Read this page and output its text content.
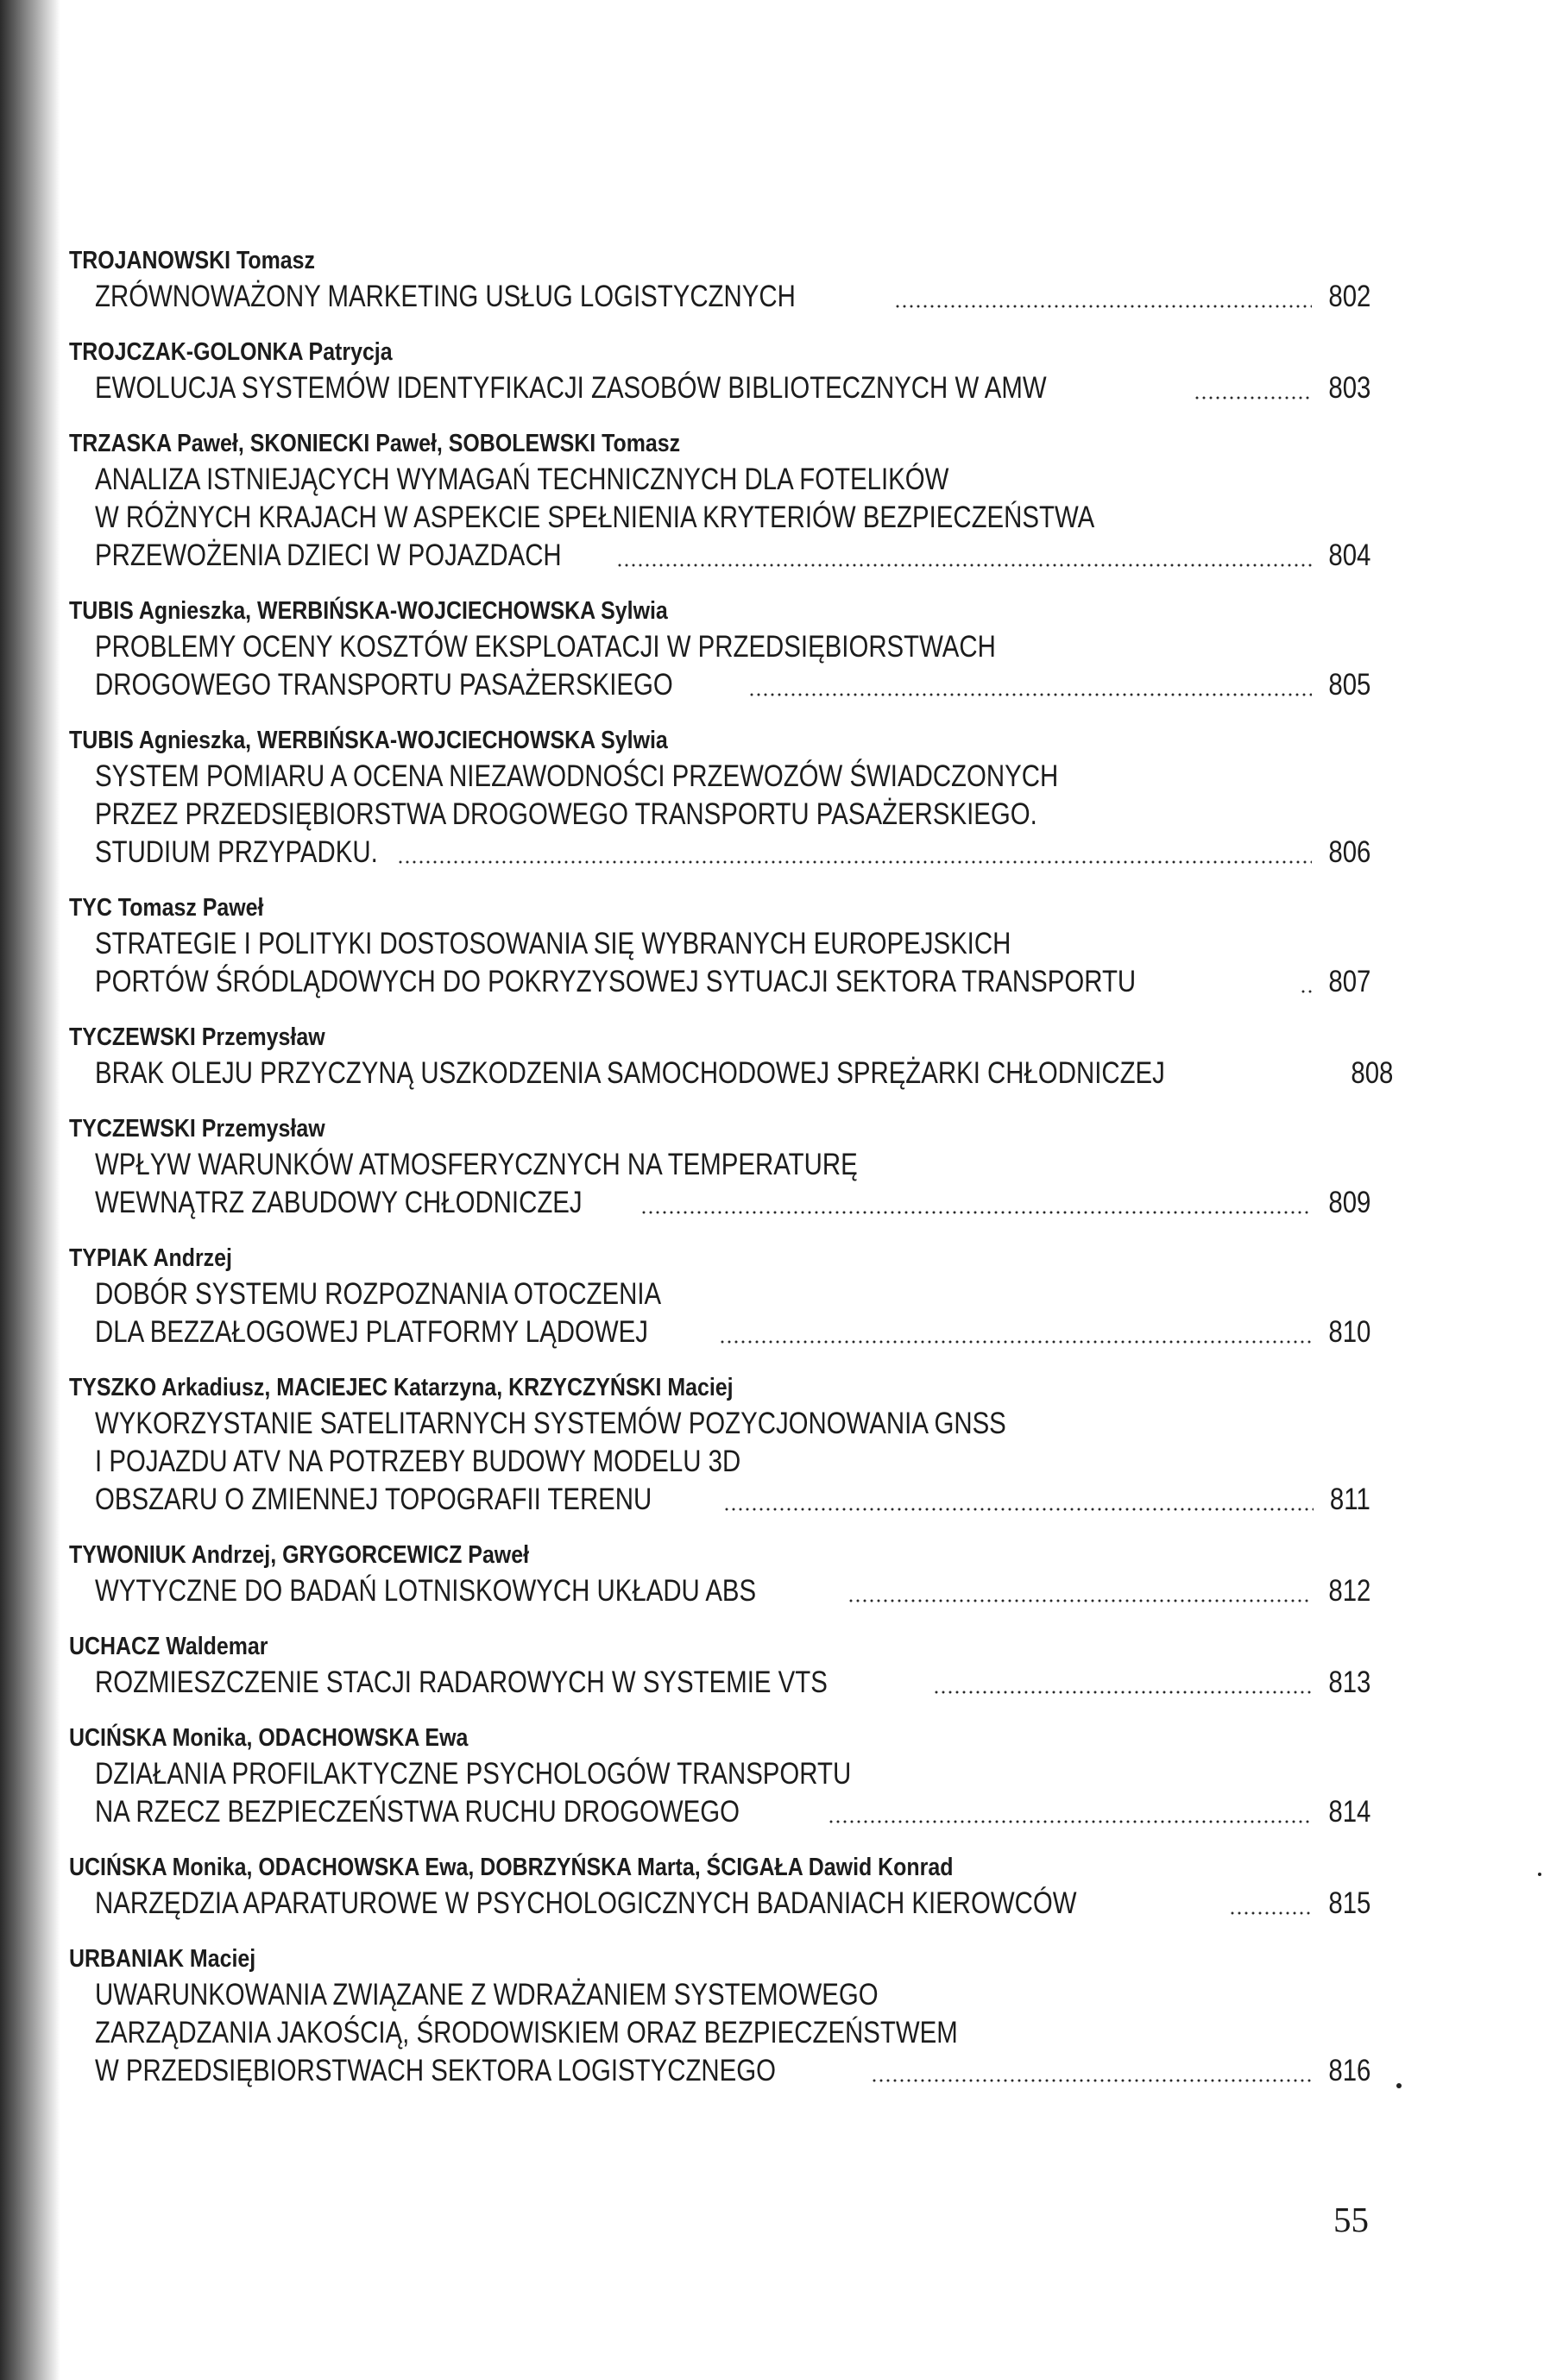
TROJANOWSKI Tomasz
ZRÓWNOWAŻONY MARKETING USŁUG LOGISTYCZNYCH	802
TROJCZAK-GOLONKA Patrycja
EWOLUCJA SYSTEMÓW IDENTYFIKACJI ZASOBÓW BIBLIOTECZNYCH W AMW	803
TRZASKA Paweł, SKONIECKI Paweł, SOBOLEWSKI Tomasz
ANALIZA ISTNIEJĄCYCH WYMAGAŃ TECHNICZNYCH DLA FOTELIKÓW
W RÓŻNYCH KRAJACH W ASPEKCIE SPEŁNIENIA KRYTERIÓW BEZPIECZEŃSTWA
PRZEWOŻENIA DZIECI W POJAZDACH	804
TUBIS Agnieszka, WERBIŃSKA-WOJCIECHOWSKA Sylwia
PROBLEMY OCENY KOSZTÓW EKSPLOATACJI W PRZEDSIĘBIORSTWACH
DROGOWEGO TRANSPORTU PASAŻERSKIEGO	805
TUBIS Agnieszka, WERBIŃSKA-WOJCIECHOWSKA Sylwia
SYSTEM POMIARU A OCENA NIEZAWODNOŚCI PRZEWOZÓW ŚWIADCZONYCH
PRZEZ PRZEDSIĘBIORSTWA DROGOWEGO TRANSPORTU PASAŻERSKIEGO.
STUDIUM PRZYPADKU.	806
TYC Tomasz Paweł
STRATEGIE I POLITYKI DOSTOSOWANIA SIĘ WYBRANYCH EUROPEJSKICH
PORTÓW ŚRÓDLĄDOWYCH DO POKRYZYSOWEJ SYTUACJI SEKTORA TRANSPORTU	807
TYCZEWSKI Przemysław
BRAK OLEJU PRZYCZYNĄ USZKODZENIA SAMOCHODOWEJ SPRĘŻARKI CHŁODNICZEJ	808
TYCZEWSKI Przemysław
WPŁYW WARUNKÓW ATMOSFERYCZNYCH NA TEMPERATURĘ
WEWNĄTRZ ZABUDOWY CHŁODNICZEJ	809
TYPIAK Andrzej
DOBÓR SYSTEMU ROZPOZNANIA OTOCZENIA
DLA BEZZAŁOGOWEJ PLATFORMY LĄDOWEJ	810
TYSZKO Arkadiusz, MACIEJEC Katarzyna, KRZYCZYŃSKI Maciej
WYKORZYSTANIE SATELITARNYCH SYSTEMÓW POZYCJONOWANIA GNSS
I POJAZDU ATV NA POTRZEBY BUDOWY MODELU 3D
OBSZARU O ZMIENNEJ TOPOGRAFII TERENU	811
TYWONIUK Andrzej, GRYGORCEWICZ Paweł
WYTYCZNE DO BADAŃ LOTNISKOWYCH UKŁADU ABS	812
UCHACZ Waldemar
ROZMIESZCZENIE STACJI RADAROWYCH W SYSTEMIE VTS	813
UCIŃSKA Monika, ODACHOWSKA Ewa
DZIAŁANIA PROFILAKTYCZNE PSYCHOLOGÓW TRANSPORTU
NA RZECZ BEZPIECZEŃSTWA RUCHU DROGOWEGO	814
UCIŃSKA Monika, ODACHOWSKA Ewa, DOBRZYŃSKA Marta, ŚCIGAŁA Dawid Konrad
NARZĘDZIA APARATUROWE W PSYCHOLOGICZNYCH BADANIACH KIEROWCÓW	815
URBANIAK Maciej
UWARUNKOWANIA ZWIĄZANE Z WDRAŻANIEM SYSTEMOWEGO
ZARZĄDZANIA JAKOŚCIĄ, ŚRODOWISKIEM ORAZ BEZPIECZEŃSTWEM
W PRZEDSIĘBIORSTWACH SEKTORA LOGISTYCZNEGO	816
55
